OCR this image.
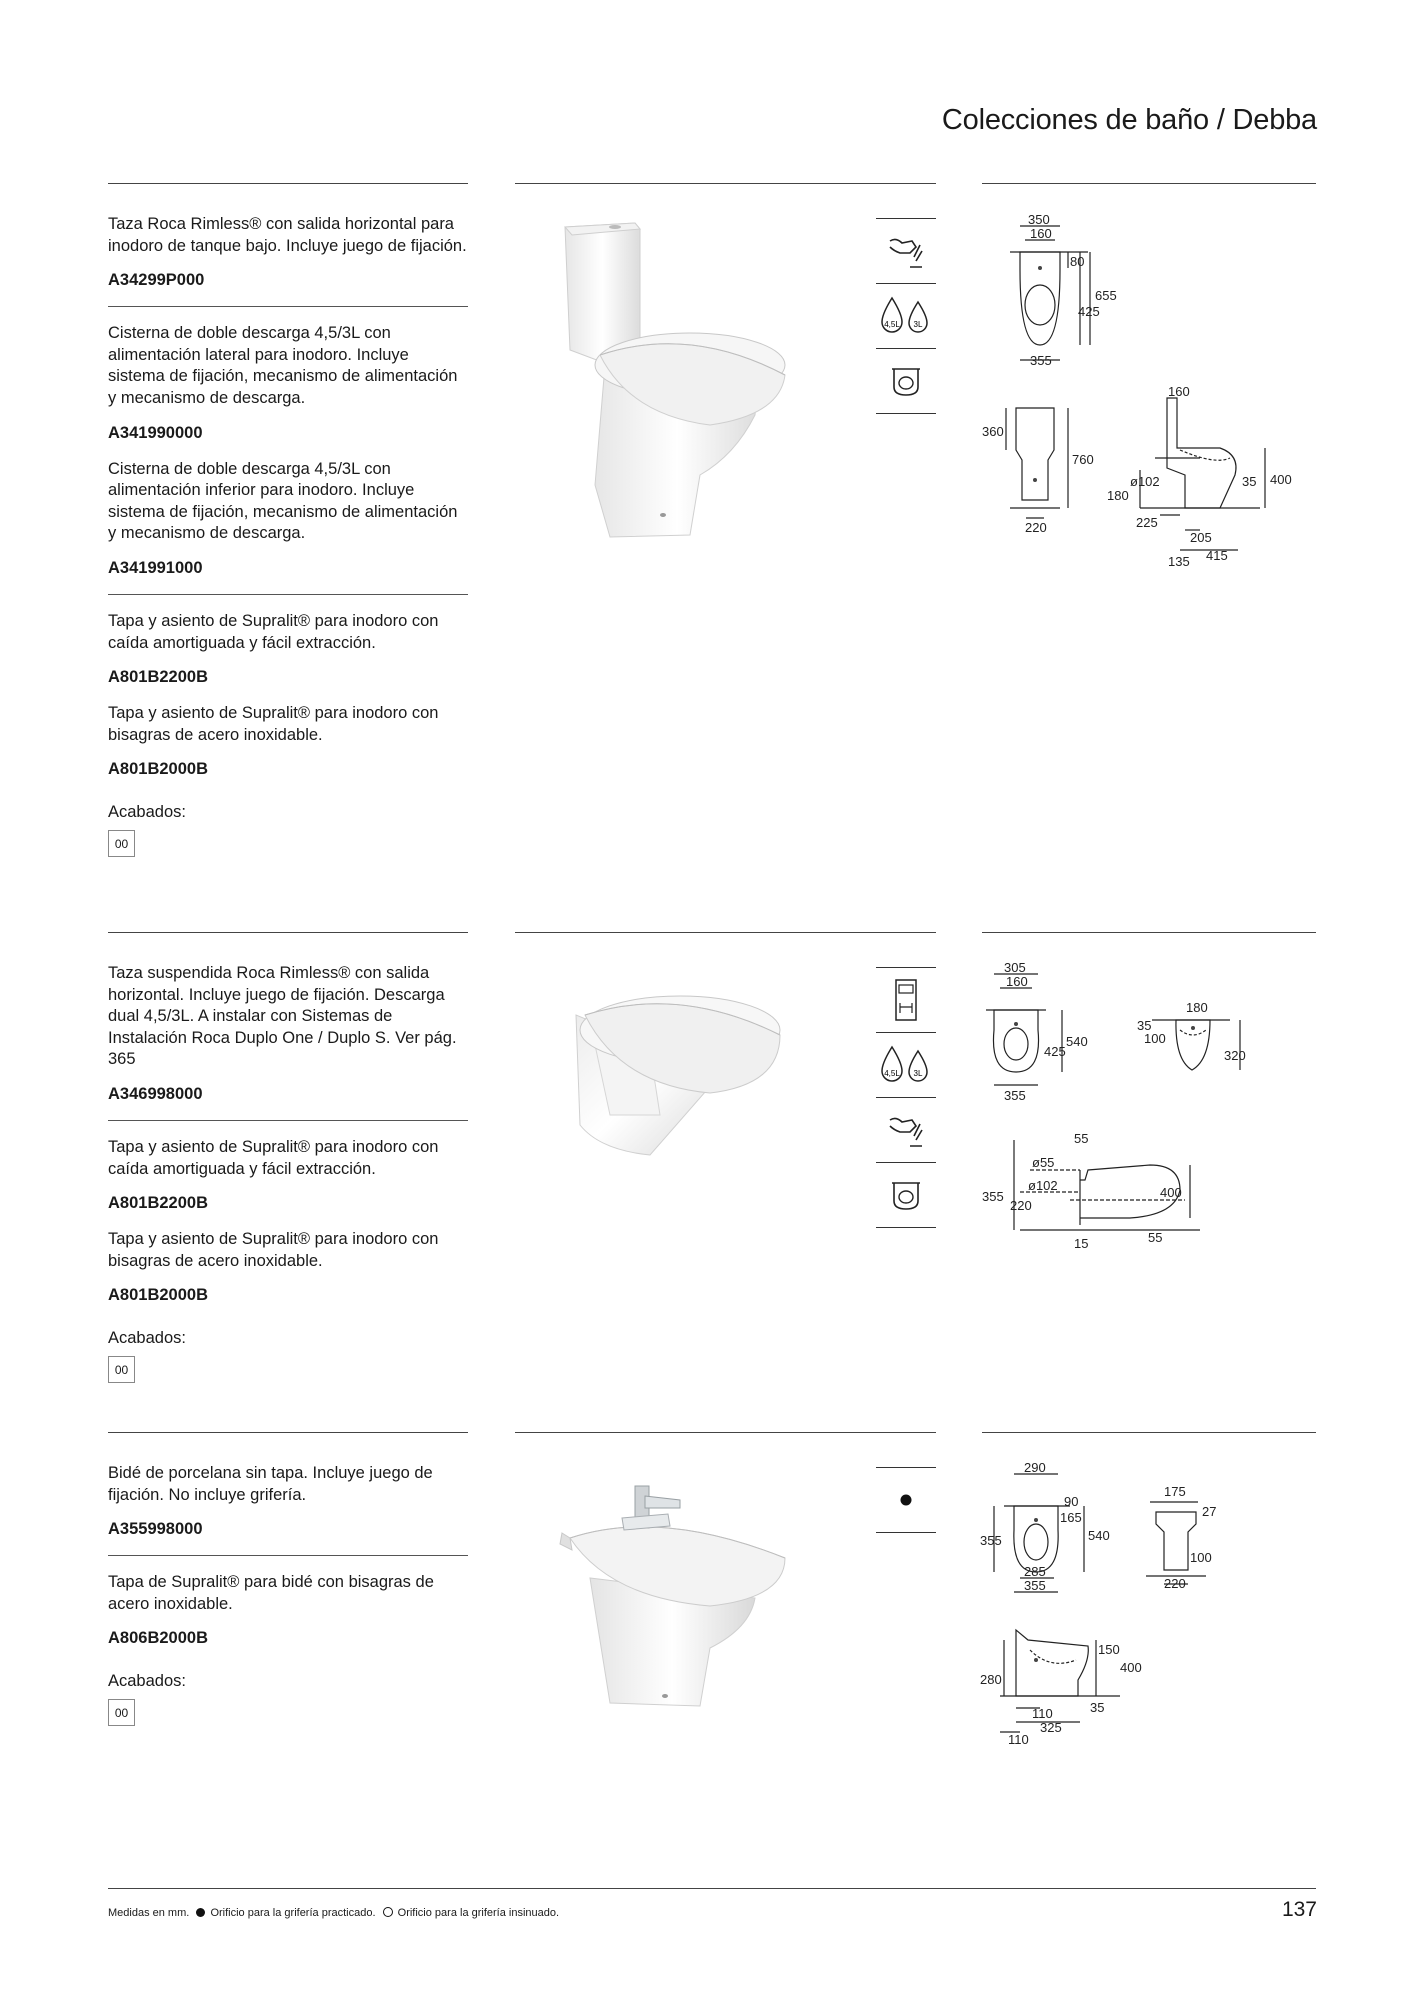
Colecciones de baño / Debba

Taza Roca Rimless® con salida horizontal para inodoro de tanque bajo. Incluye juego de fijación.

A34299P000

Cisterna de doble descarga 4,5/3L con alimentación lateral para inodoro. Incluye sistema de fijación, mecanismo de alimentación y mecanismo de descarga.

A341990000

Cisterna de doble descarga 4,5/3L con alimentación inferior para inodoro. Incluye sistema de fijación, mecanismo de alimentación y mecanismo de descarga.

A341991000

Tapa y asiento de Supralit® para inodoro con caída amortiguada y fácil extracción.

A801B2200B

Tapa y asiento de Supralit® para inodoro con bisagras de acero inoxidable.

A801B2000B

Acabados:

00
4,5L 3L
350
160
80
655
425
355
360
760
220
160
ø102
180
35 400
225
205
135 415

Taza suspendida Roca Rimless® con salida horizontal. Incluye juego de fijación. Descarga dual 4,5/3L. A instalar con Sistemas de Instalación Roca Duplo One / Duplo S. Ver pág. 365

A346998000

Tapa y asiento de Supralit® para inodoro con caída amortiguada y fácil extracción.

A801B2200B

Tapa y asiento de Supralit® para inodoro con bisagras de acero inoxidable.

A801B2000B

Acabados:

00
4,5L 3L
305
160
425
540
355
180
35
100
320
55
ø55
ø102
355
220
400
15	55

Bidé de porcelana sin tapa. Incluye juego de fijación. No incluye grifería.

A355998000

Tapa de Supralit® para bidé con bisagras de acero inoxidable.

A806B2000B

Acabados:

00
290
90
165
540
355
285
355
175
27
100
220
150
400
280
35
110
325
110
Medidas en mm. Orificio para la grifería practicado. Orificio para la grifería insinuado.	137
